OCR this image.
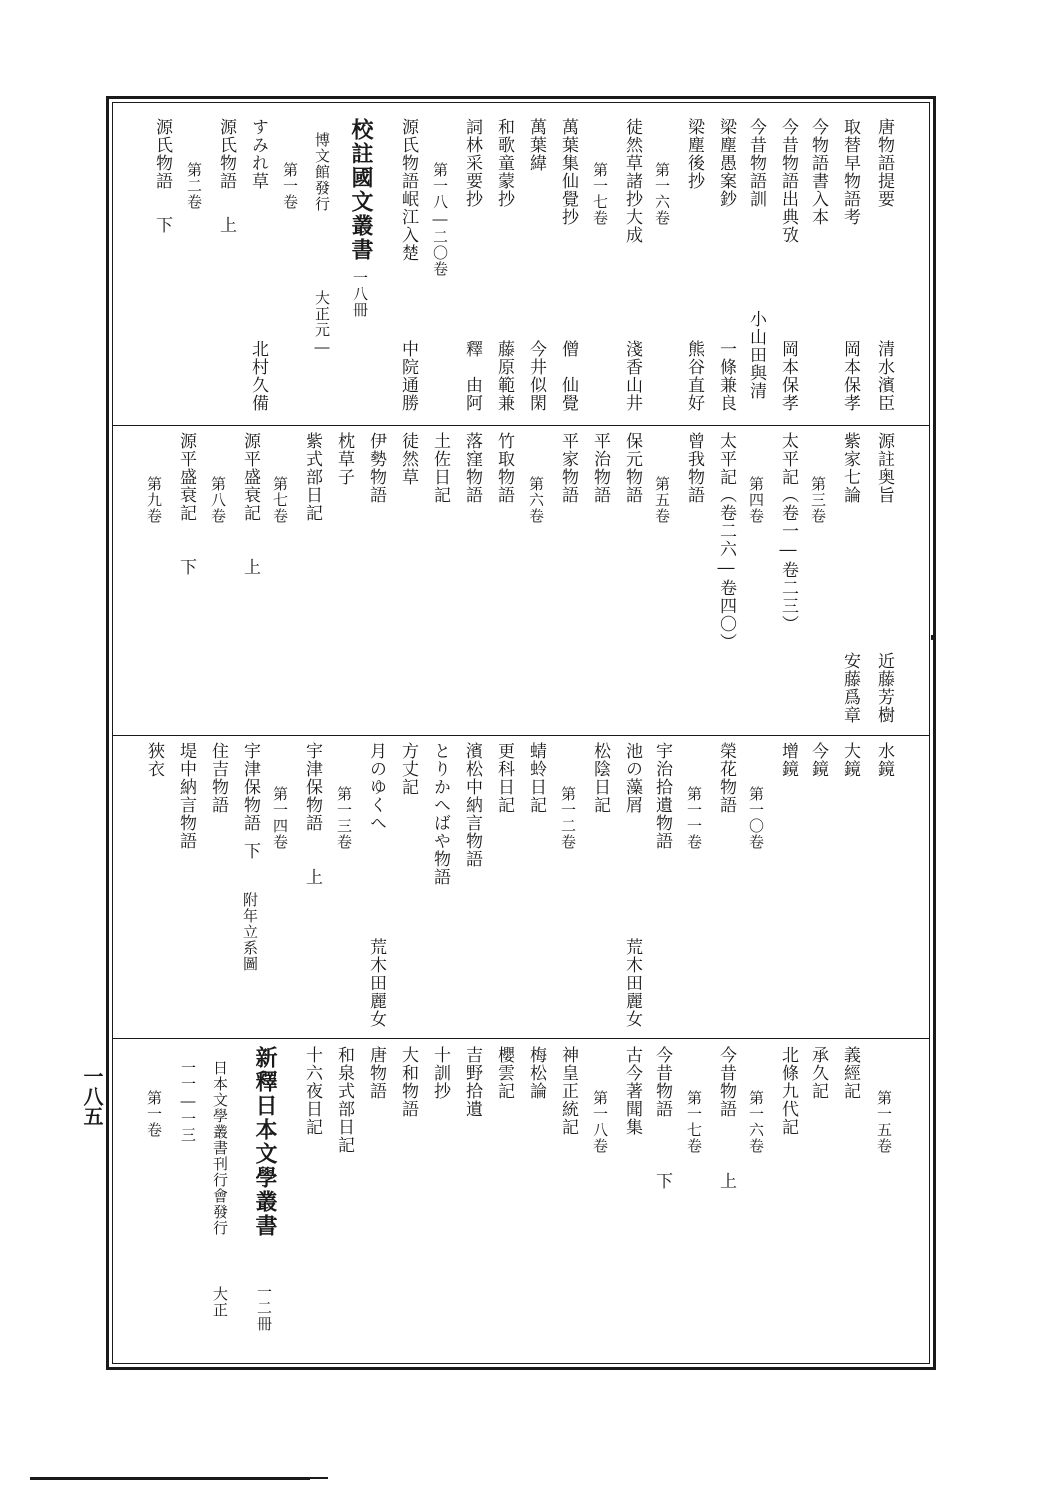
唐物語提要
清水濱臣
取替早物語考
岡本保孝
今物語書入本
今昔物語出典攷
岡本保孝
今昔物語訓
小山田與清
梁塵愚案鈔
一條兼良
梁塵後抄
熊谷直好
第一六卷
徒然草諸抄大成
淺香山井
第一七卷
萬葉集仙覺抄
僧　仙覺
萬葉緯
今井似閑
和歌童蒙抄
藤原範兼
詞林采要抄
釋　由阿
第一八―二〇卷
源氏物語岷江入楚
中院通勝
校註國文叢書
一八冊
博文館發行
大正元―
第一卷
すみれ草
北村久備
源氏物語
上
第二卷
源氏物語
下
源註奥旨
近藤芳樹
紫家七論
安藤爲章
第三卷
太平記（卷一―卷二三）
第四卷
太平記（卷二六―卷四〇）
曾我物語
第五卷
保元物語
平治物語
平家物語
第六卷
竹取物語
落窪物語
土佐日記
徒然草
伊勢物語
枕草子
紫式部日記
第七卷
源平盛衰記
上
第八卷
源平盛衰記
下
第九卷
水鏡
大鏡
今鏡
增鏡
第一〇卷
榮花物語
第一一卷
宇治拾遺物語
池の藻屑
荒木田麗女
松陰日記
第一二卷
蜻蛉日記
更科日記
濱松中納言物語
とりかへばや物語
方丈記
月のゆくへ
荒木田麗女
第一三卷
宇津保物語
上
第一四卷
宇津保物語
下
附年立系圖
住吉物語
堤中納言物語
狹衣
第一五卷
義經記
承久記
北條九代記
第一六卷
今昔物語
上
第一七卷
今昔物語
下
古今著聞集
第一八卷
神皇正統記
梅松論
櫻雲記
吉野拾遺
十訓抄
大和物語
唐物語
和泉式部日記
十六夜日記
新釋日本文學叢書
一二冊
日本文學叢書刊行會發行
大正
一一―一三
第一卷
一八五
▪
